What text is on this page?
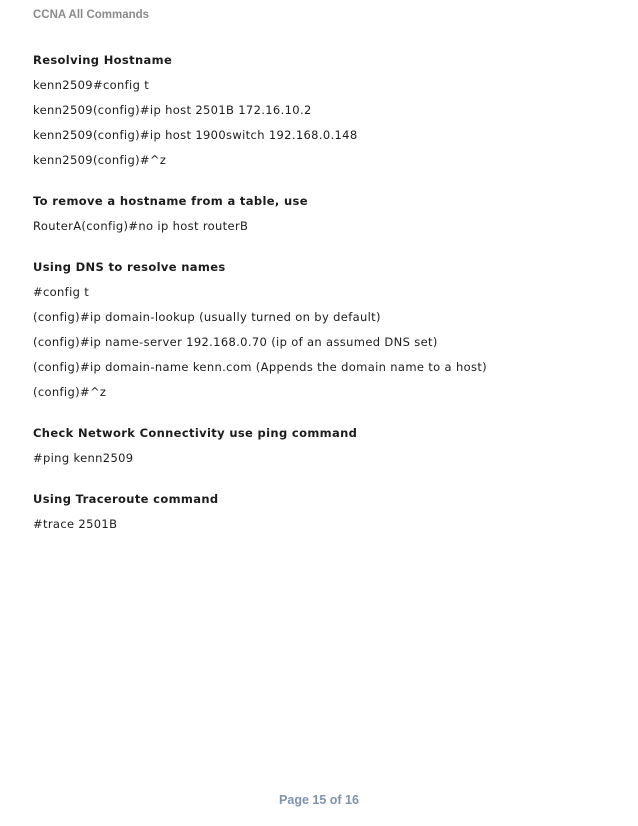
CCNA All Commands
Resolving Hostname
kenn2509#config t
kenn2509(config)#ip host 2501B 172.16.10.2
kenn2509(config)#ip host 1900switch 192.168.0.148
kenn2509(config)#^z
To remove a hostname from a table, use
RouterA(config)#no ip host routerB
Using DNS to resolve names
#config t
(config)#ip domain-lookup (usually turned on by default)
(config)#ip name-server 192.168.0.70 (ip of an assumed DNS set)
(config)#ip domain-name kenn.com (Appends the domain name to a host)
(config)#^z
Check Network Connectivity use ping command
#ping kenn2509
Using Traceroute command
#trace 2501B
Page 15 of 16
